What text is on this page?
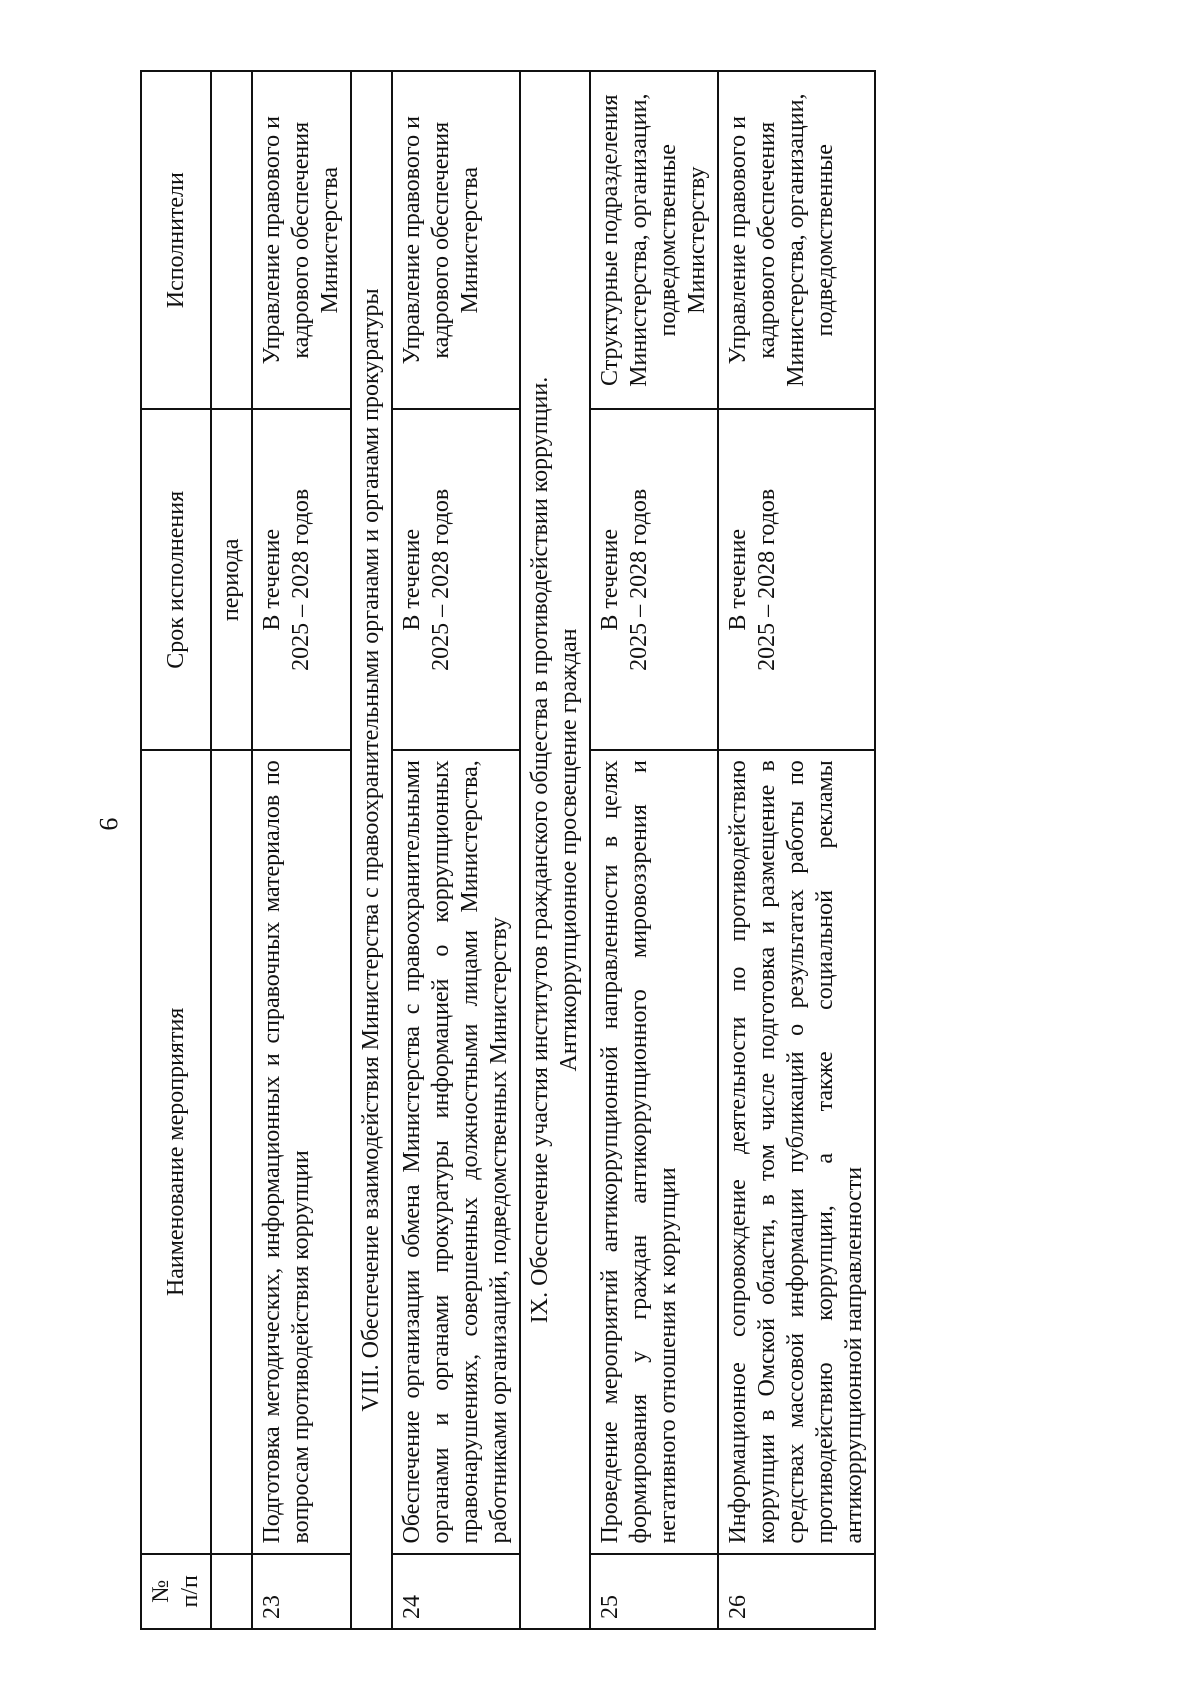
9
№ п/п	Наименование мероприятия	Срок исполнения	Исполнители
		периода	
23	Подготовка методических, информационных и справочных материалов по вопросам противодействия коррупции	В течение 2025 – 2028 годов	Управление правового и кадрового обеспечения Министерства
VIII. Обеспечение взаимодействия Министерства с правоохранительными органами и органами прокуратуры			
24	Обеспечение организации обмена Министерства с правоохранительными органами и органами прокуратуры информацией о коррупционных правонарушениях, совершенных должностными лицами Министерства, работниками организаций, подведомственных Министерству	В течение 2025 – 2028 годов	Управление правового и кадрового обеспечения Министерства
IX. Обеспечение участия институтов гражданского общества в противодействии коррупции. Антикоррупционное просвещение граждан			
25	Проведение мероприятий антикоррупционной направленности в целях формирования у граждан антикоррупционного мировоззрения и негативного отношения к коррупции	В течение 2025 – 2028 годов	Структурные подразделения Министерства, организации, подведомственные Министерству
26	Информационное сопровождение деятельности по противодействию коррупции в Омской области, в том числе подготовка и размещение в средствах массовой информации публикаций о результатах работы по противодействию коррупции, а также социальной рекламы антикоррупционной направленности	В течение 2025 – 2028 годов	Управление правового и кадрового обеспечения Министерства, организации, подведомственные
